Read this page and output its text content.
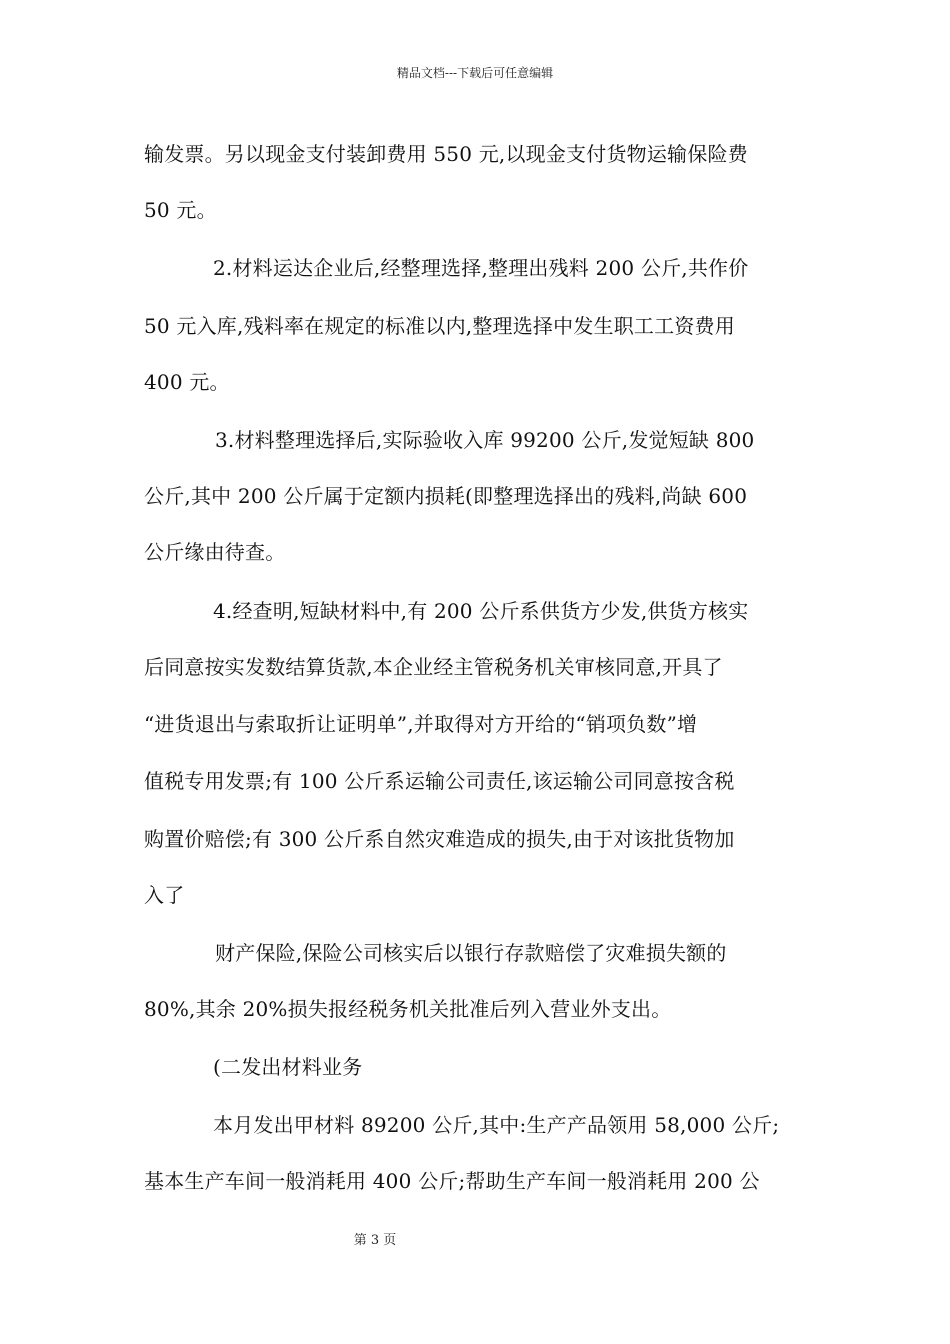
精品文档---下载后可任意编辑
输发票。另以现金支付装卸费用 550 元,以现金支付货物运输保险费
50 元。
2.材料运达企业后,经整理选择,整理出残料 200 公斤,共作价
50 元入库,残料率在规定的标准以内,整理选择中发生职工工资费用
400 元。
3.材料整理选择后,实际验收入库 99200 公斤,发觉短缺 800
公斤,其中 200 公斤属于定额内损耗(即整理选择出的残料,尚缺 600
公斤缘由待查。
4.经查明,短缺材料中,有 200 公斤系供货方少发,供货方核实
后同意按实发数结算货款,本企业经主管税务机关审核同意,开具了
“进货退出与索取折让证明单”,并取得对方开给的“销项负数”增
值税专用发票;有 100 公斤系运输公司责任,该运输公司同意按含税
购置价赔偿;有 300 公斤系自然灾难造成的损失,由于对该批货物加
入了
财产保险,保险公司核实后以银行存款赔偿了灾难损失额的
80%,其余 20%损失报经税务机关批准后列入营业外支出。
(二发出材料业务
本月发出甲材料 89200 公斤,其中:生产产品领用 58,000 公斤;
基本生产车间一般消耗用 400 公斤;帮助生产车间一般消耗用 200 公
第 3 页
